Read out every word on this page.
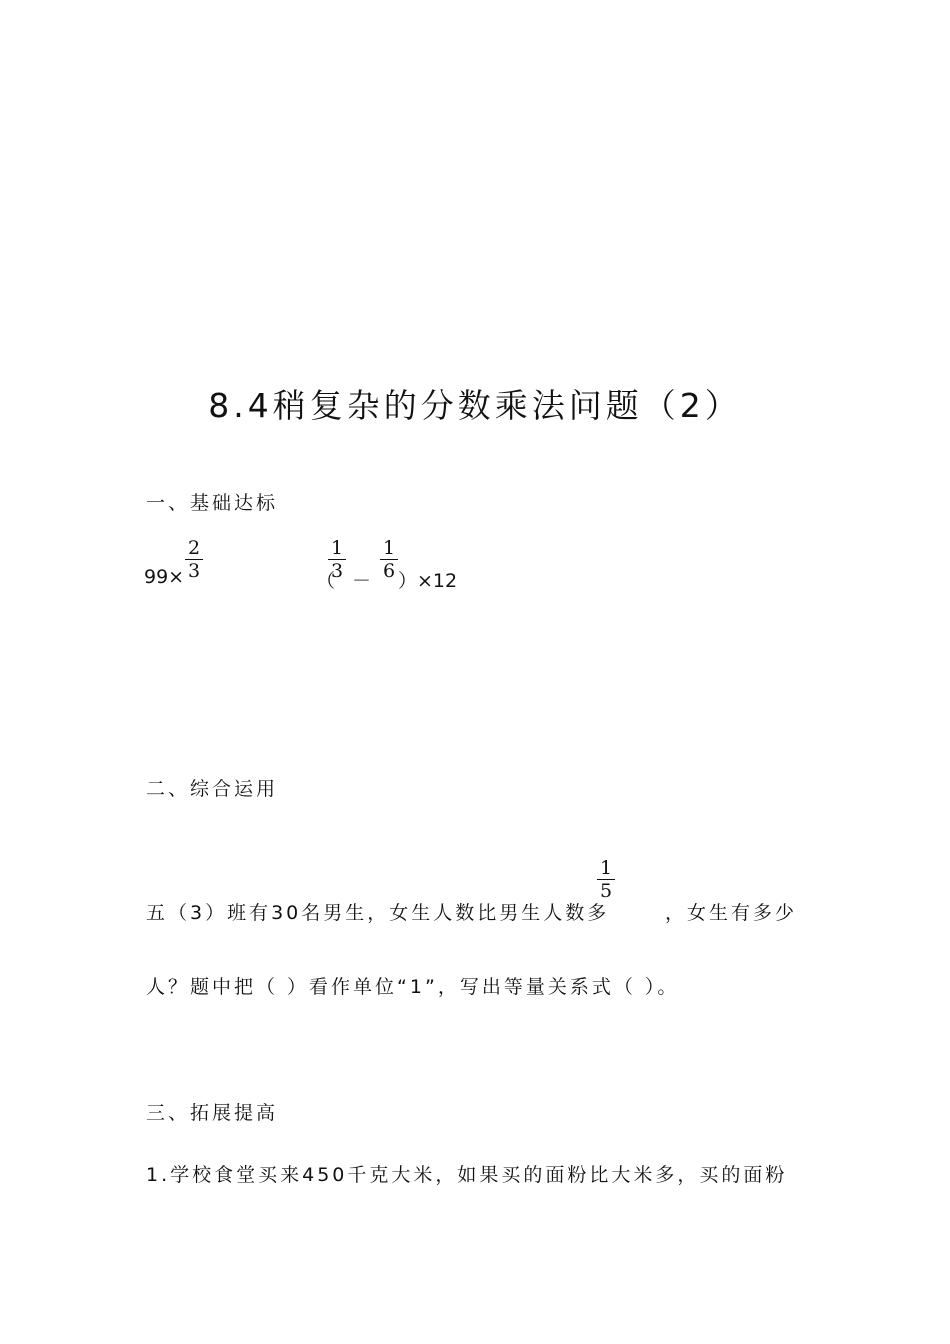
8.4稍复杂的分数乘法问题（2）
一、基础达标
99×
2
3	（
1
3 －
1
6 ）×12
二、综合运用
五（3）班有30名男生，女生人数比男生人数多
1
5
，女生有多少
人？题中把（ ）看作单位“1”，写出等量关系式（ ）。
三、拓展提高
1.学校食堂买来450千克大米，如果买的面粉比大米多，买的面粉
